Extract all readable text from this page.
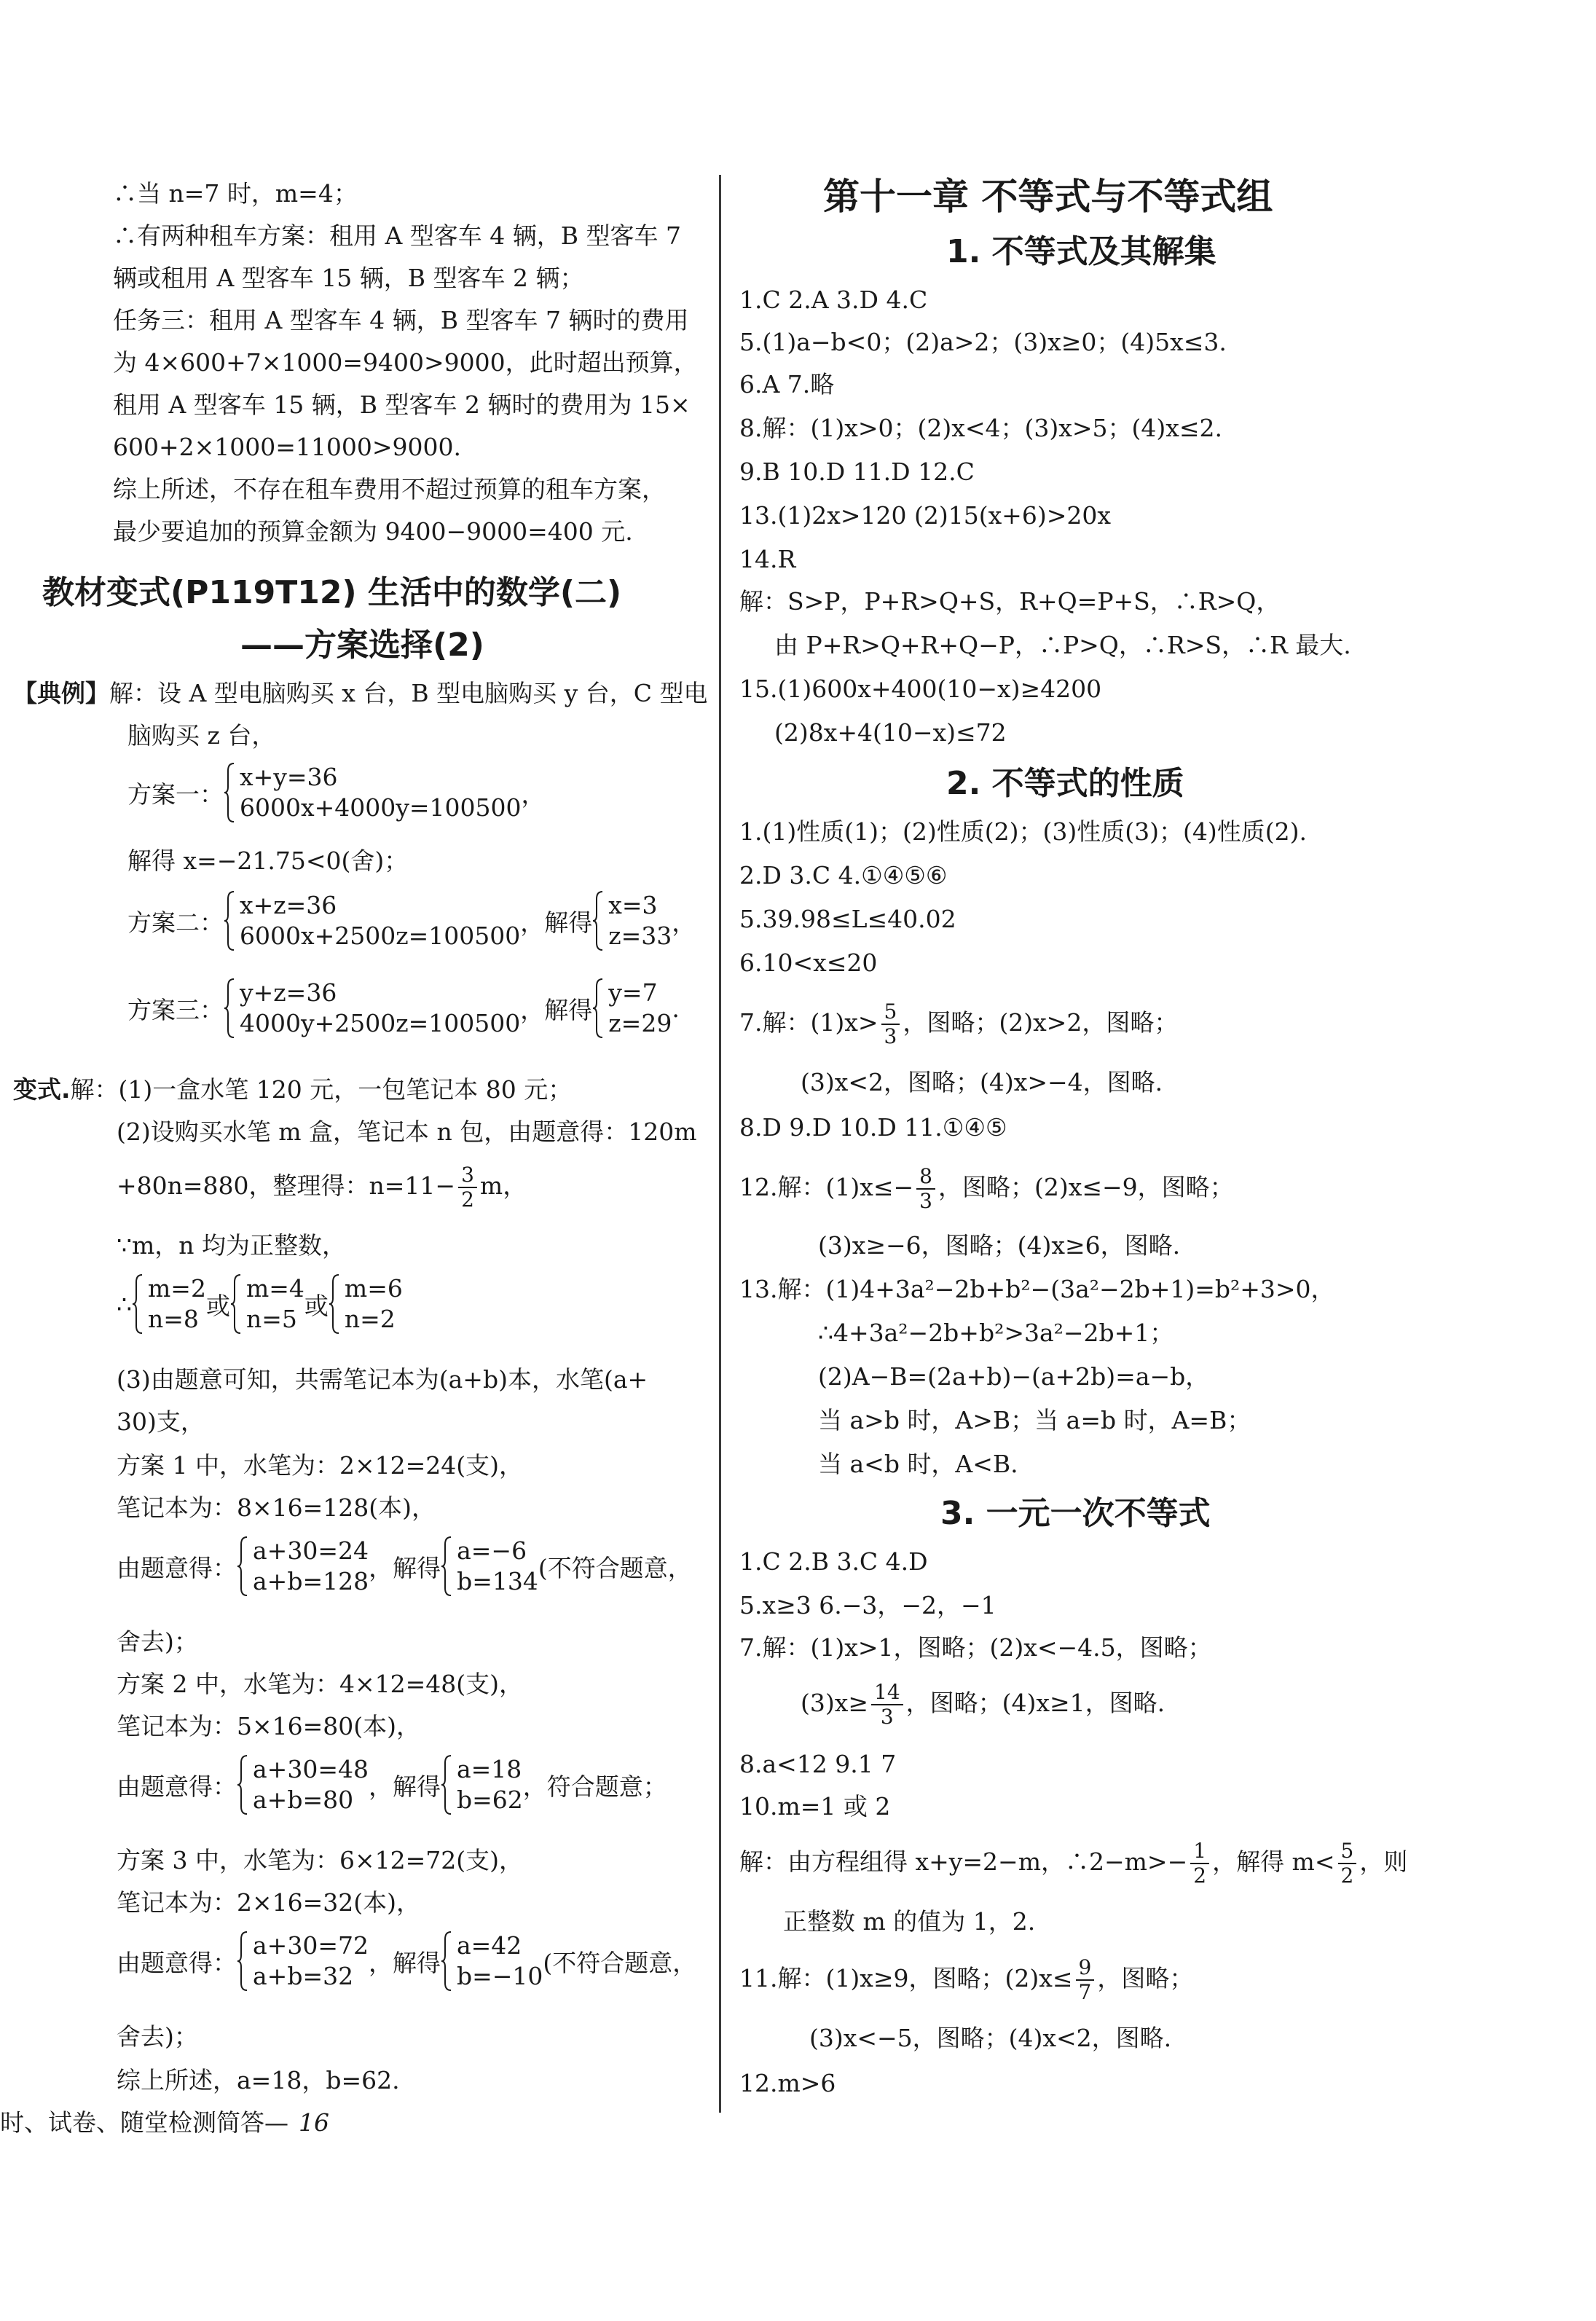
∴当 n=7 时，m=4；
∴有两种租车方案：租用 A 型客车 4 辆，B 型客车 7
辆或租用 A 型客车 15 辆，B 型客车 2 辆；
任务三：租用 A 型客车 4 辆，B 型客车 7 辆时的费用
为 4×600+7×1000=9400>9000，此时超出预算，
租用 A 型客车 15 辆，B 型客车 2 辆时的费用为 15×
600+2×1000=11000>9000.
综上所述，不存在租车费用不超过预算的租车方案，
最少要追加的预算金额为 9400−9000=400 元.
教材变式(P119T12) 生活中的数学(二)
——方案选择(2)
【典例】解：设 A 型电脑购买 x 台，B 型电脑购买 y 台，C 型电
脑购买 z 台，
方案一：
x+y=36
6000x+4000y=100500 ，
解得 x=−21.75<0(舍)；
方案二：
x+z=36
6000x+2500z=100500 ，解得
x=3
z=33 ，
方案三：
y+z=36
4000y+2500z=100500 ，解得
y=7
z=29
.
变式.解：(1)一盒水笔 120 元，一包笔记本 80 元；
(2)设购买水笔 m 盒，笔记本 n 包，由题意得：120m
+80n=880，整理得：$n=11- \frac{3}{2}$ m，
∵m，n 均为正整数，
∴
m=2
n=8 或
m=4
n=5 或
m=6
n=2
(3)由题意可知，共需笔记本为(a+b)本，水笔(a+
30)支，
方案 1 中，水笔为：2×12=24(支)，
笔记本为：8×16=128(本)，
由题意得：
a+30=24
a+b=128 ，解得
a=−6
b=134 (不符合题意，
舍去)；
方案 2 中，水笔为：4×12=48(支)，
笔记本为：5×16=80(本)，
由题意得：
a+30=48
a+b=80 ，解得
a=18
b=62 ，符合题意；
方案 3 中，水笔为：6×12=72(支)，
笔记本为：2×16=32(本)，
由题意得：
a+30=72
a+b=32 ，解得
a=42
b=−10 (不符合题意，
舍去)；
综上所述，a=18，b=62.
第十一章 不等式与不等式组
1. 不等式及其解集
1.C 2.A 3.D 4.C
5.(1)a−b<0；(2)a>2；(3)x≥0；(4)5x≤3.
6.A 7.略
8.解：(1)x>0；(2)x<4；(3)x>5；(4)x≤2.
9.B 10.D 11.D 12.C
13.(1)2x>120 (2)15(x+6)>20x
14.R
解：S>P，P+R>Q+S，R+Q=P+S，∴R>Q，
由 P+R>Q+R+Q−P，∴P>Q，∴R>S，∴R 最大.
15.(1)600x+400(10−x)≥4200
(2)8x+4(10−x)≤72
2. 不等式的性质
1.(1)性质(1)；(2)性质(2)；(3)性质(3)；(4)性质(2).
2.D 3.C 4.①④⑤⑥
5.39.98≤L≤40.02
6.10<x≤20
7.解：$(1)x> \frac{5}{3}$ ，图略；(2)x>2，图略；
(3)x<2，图略；(4)x>−4，图略.
8.D 9.D 10.D 11.①④⑤
12.解：$(1)x\le- \frac{8}{3}$ ，图略；(2)x≤−9，图略；
(3)x≥−6，图略；(4)x≥6，图略.
13.解：(1)4+3a²−2b+b²−(3a²−2b+1)=b²+3>0，
∴4+3a²−2b+b²>3a²−2b+1；
(2)A−B=(2a+b)−(a+2b)=a−b，
当 a>b 时，A>B；当 a=b 时，A=B；
当 a<b 时，A<B.
3. 一元一次不等式
1.C 2.B 3.C 4.D
5.x≥3 6.−3，−2，−1
7.解：(1)x>1，图略；(2)x<−4.5，图略；
$(3)x\ge \frac{14}{3}$ ，图略；(4)x≥1，图略.
8.a<12 9.1 7
10.m=1 或 2
解：由方程组得 x+y=2−m，∴2−m>− $\frac{1}{2}$ ，解得 $m< \frac{5}{2}$ ，则
正整数 m 的值为 1，2.
11.解：(1)x≥9，图略；$(2)x\le \frac{9}{7}$ ，图略；
(3)x<−5，图略；(4)x<2，图略.
12.m>6
时、试卷、随堂检测简答— 16
